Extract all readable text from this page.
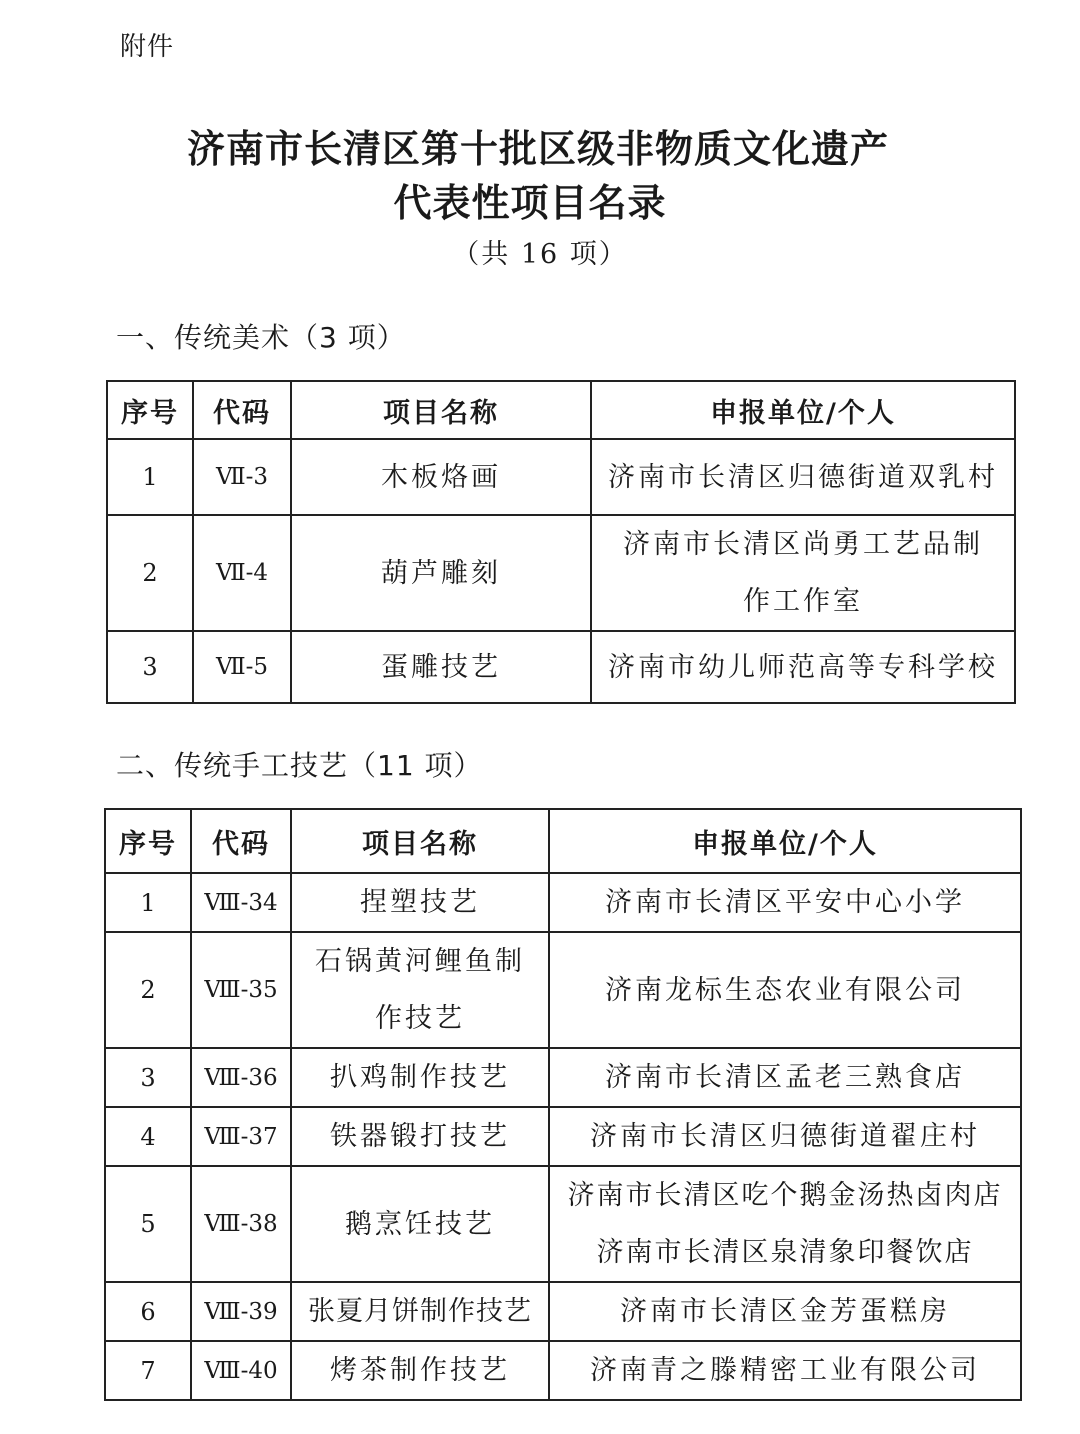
附件
济南市长清区第十批区级非物质文化遗产
代表性项目名录
（共 16 项）
一、传统美术（3 项）
序号	代码	项目名称	申报单位/个人
1	Ⅶ-3	木板烙画	济南市长清区归德街道双乳村
2	Ⅶ-4	葫芦雕刻	济南市长清区尚勇工艺品制作工作室
3	Ⅶ-5	蛋雕技艺	济南市幼儿师范高等专科学校
二、传统手工技艺（11 项）
序号	代码	项目名称	申报单位/个人
1	Ⅷ-34	捏塑技艺	济南市长清区平安中心小学
2	Ⅷ-35	石锅黄河鲤鱼制作技艺	济南龙标生态农业有限公司
3	Ⅷ-36	扒鸡制作技艺	济南市长清区孟老三熟食店
4	Ⅷ-37	铁器锻打技艺	济南市长清区归德街道翟庄村
5	Ⅷ-38	鹅烹饪技艺	济南市长清区吃个鹅金汤热卤肉店
济南市长清区泉清象印餐饮店

6	Ⅷ-39	张夏月饼制作技艺	济南市长清区金芳蛋糕房
7	Ⅷ-40	烤茶制作技艺	济南青之滕精密工业有限公司
